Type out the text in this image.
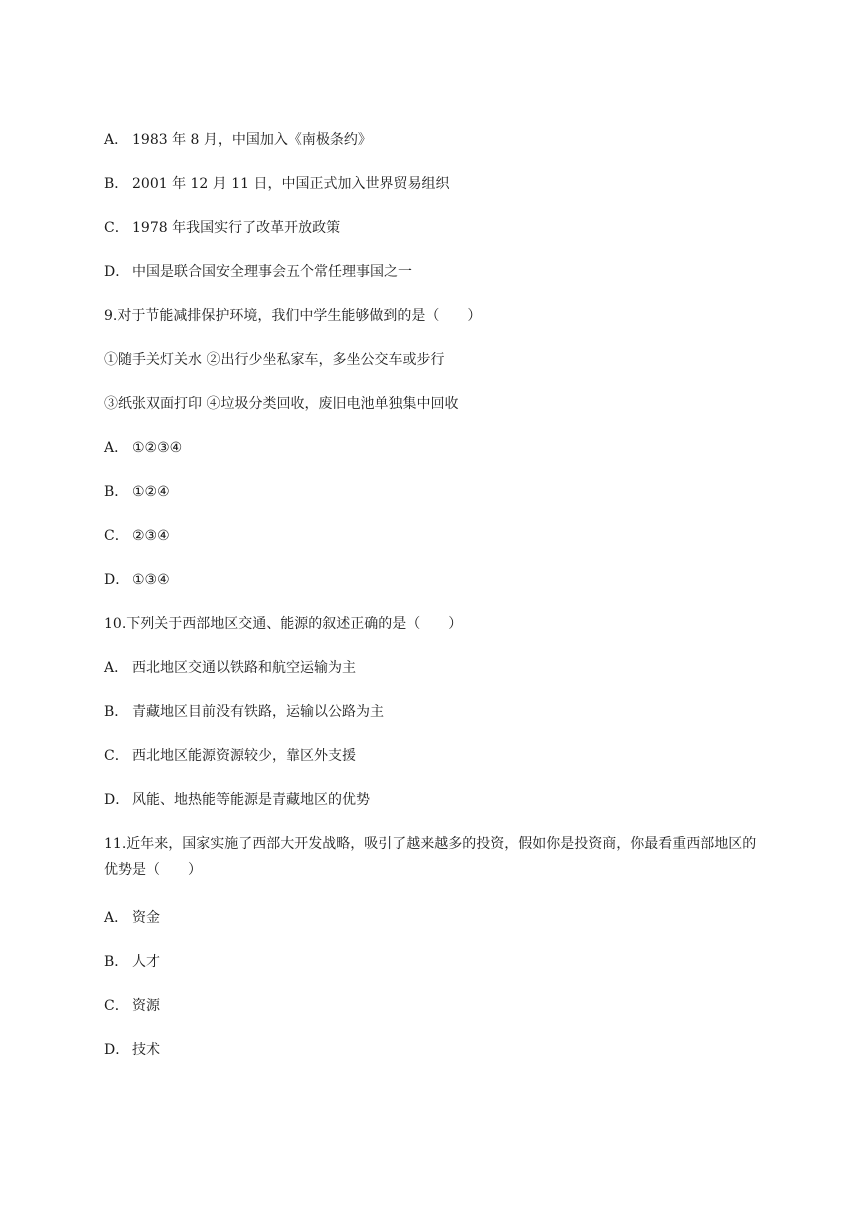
A． 1983 年 8 月，中国加入《南极条约》
B． 2001 年 12 月 11 日，中国正式加入世界贸易组织
C． 1978 年我国实行了改革开放政策
D． 中国是联合国安全理事会五个常任理事国之一
9.对于节能减排保护环境，我们中学生能够做到的是（　　）
①随手关灯关水 ②出行少坐私家车，多坐公交车或步行
③纸张双面打印 ④垃圾分类回收，废旧电池单独集中回收
A． ①②③④
B． ①②④
C． ②③④
D． ①③④
10.下列关于西部地区交通、能源的叙述正确的是（　　）
A． 西北地区交通以铁路和航空运输为主
B． 青藏地区目前没有铁路，运输以公路为主
C． 西北地区能源资源较少，靠区外支援
D． 风能、地热能等能源是青藏地区的优势
11.近年来，国家实施了西部大开发战略，吸引了越来越多的投资，假如你是投资商，你最看重西部地区的优势是（　　）
A． 资金
B． 人才
C． 资源
D． 技术
